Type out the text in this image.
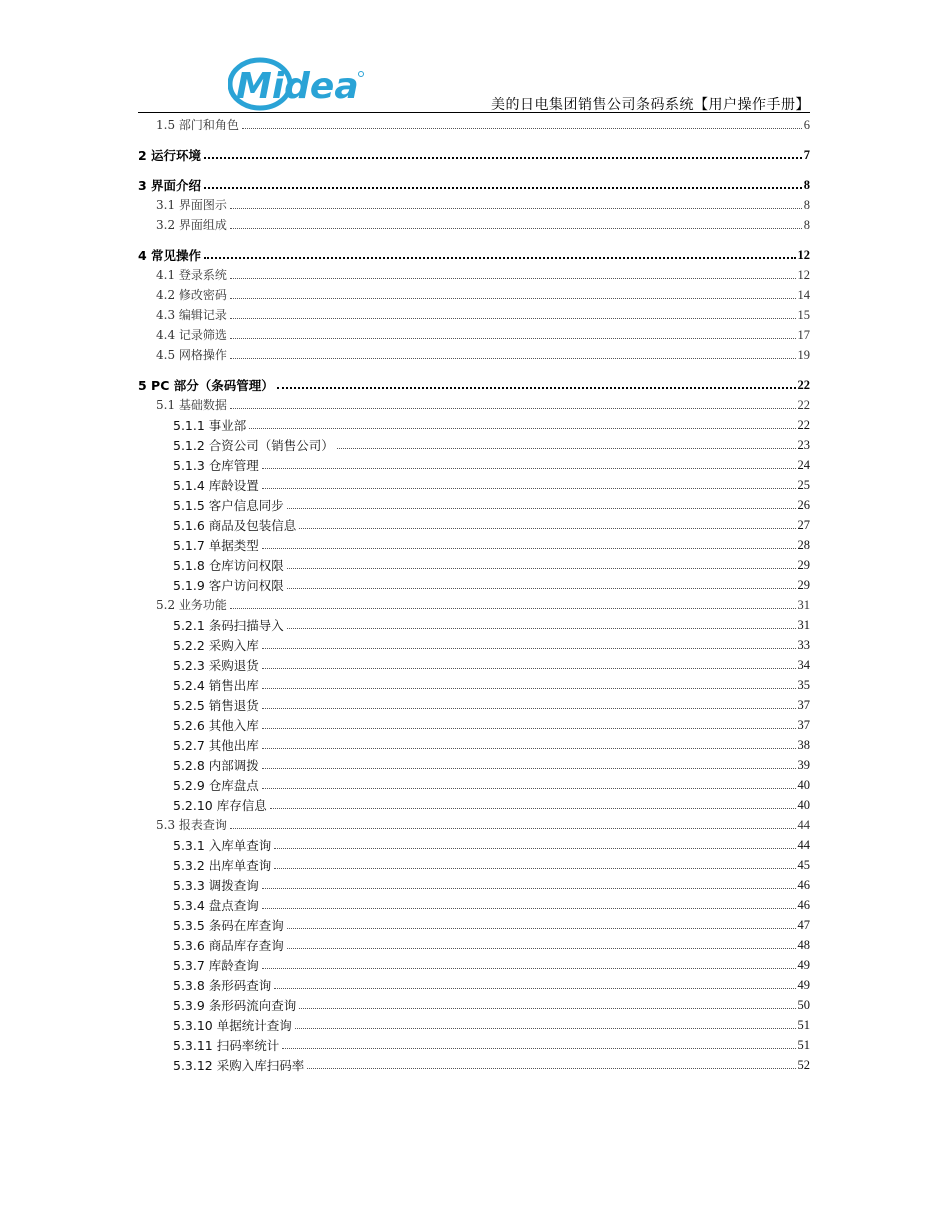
Midea	美的日电集团销售公司条码系统【用户操作手册】
1.5 部门和角色	6
2 运行环境	7
3 界面介绍	8
3.1 界面图示	8
3.2 界面组成	8
4 常见操作	12
4.1 登录系统	12
4.2 修改密码	14
4.3 编辑记录	15
4.4 记录筛选	17
4.5 网格操作	19
5 PC 部分（条码管理）	22
5.1 基础数据	22
5.1.1 事业部	22
5.1.2 合资公司（销售公司）	23
5.1.3 仓库管理	24
5.1.4 库龄设置	25
5.1.5 客户信息同步	26
5.1.6 商品及包装信息	27
5.1.7 单据类型	28
5.1.8 仓库访问权限	29
5.1.9 客户访问权限	29
5.2 业务功能	31
5.2.1 条码扫描导入	31
5.2.2 采购入库	33
5.2.3 采购退货	34
5.2.4 销售出库	35
5.2.5 销售退货	37
5.2.6 其他入库	37
5.2.7 其他出库	38
5.2.8 内部调拨	39
5.2.9 仓库盘点	40
5.2.10 库存信息	40
5.3 报表查询	44
5.3.1 入库单查询	44
5.3.2 出库单查询	45
5.3.3 调拨查询	46
5.3.4 盘点查询	46
5.3.5 条码在库查询	47
5.3.6 商品库存查询	48
5.3.7 库龄查询	49
5.3.8 条形码查询	49
5.3.9 条形码流向查询	50
5.3.10 单据统计查询	51
5.3.11 扫码率统计	51
5.3.12 采购入库扫码率	52
